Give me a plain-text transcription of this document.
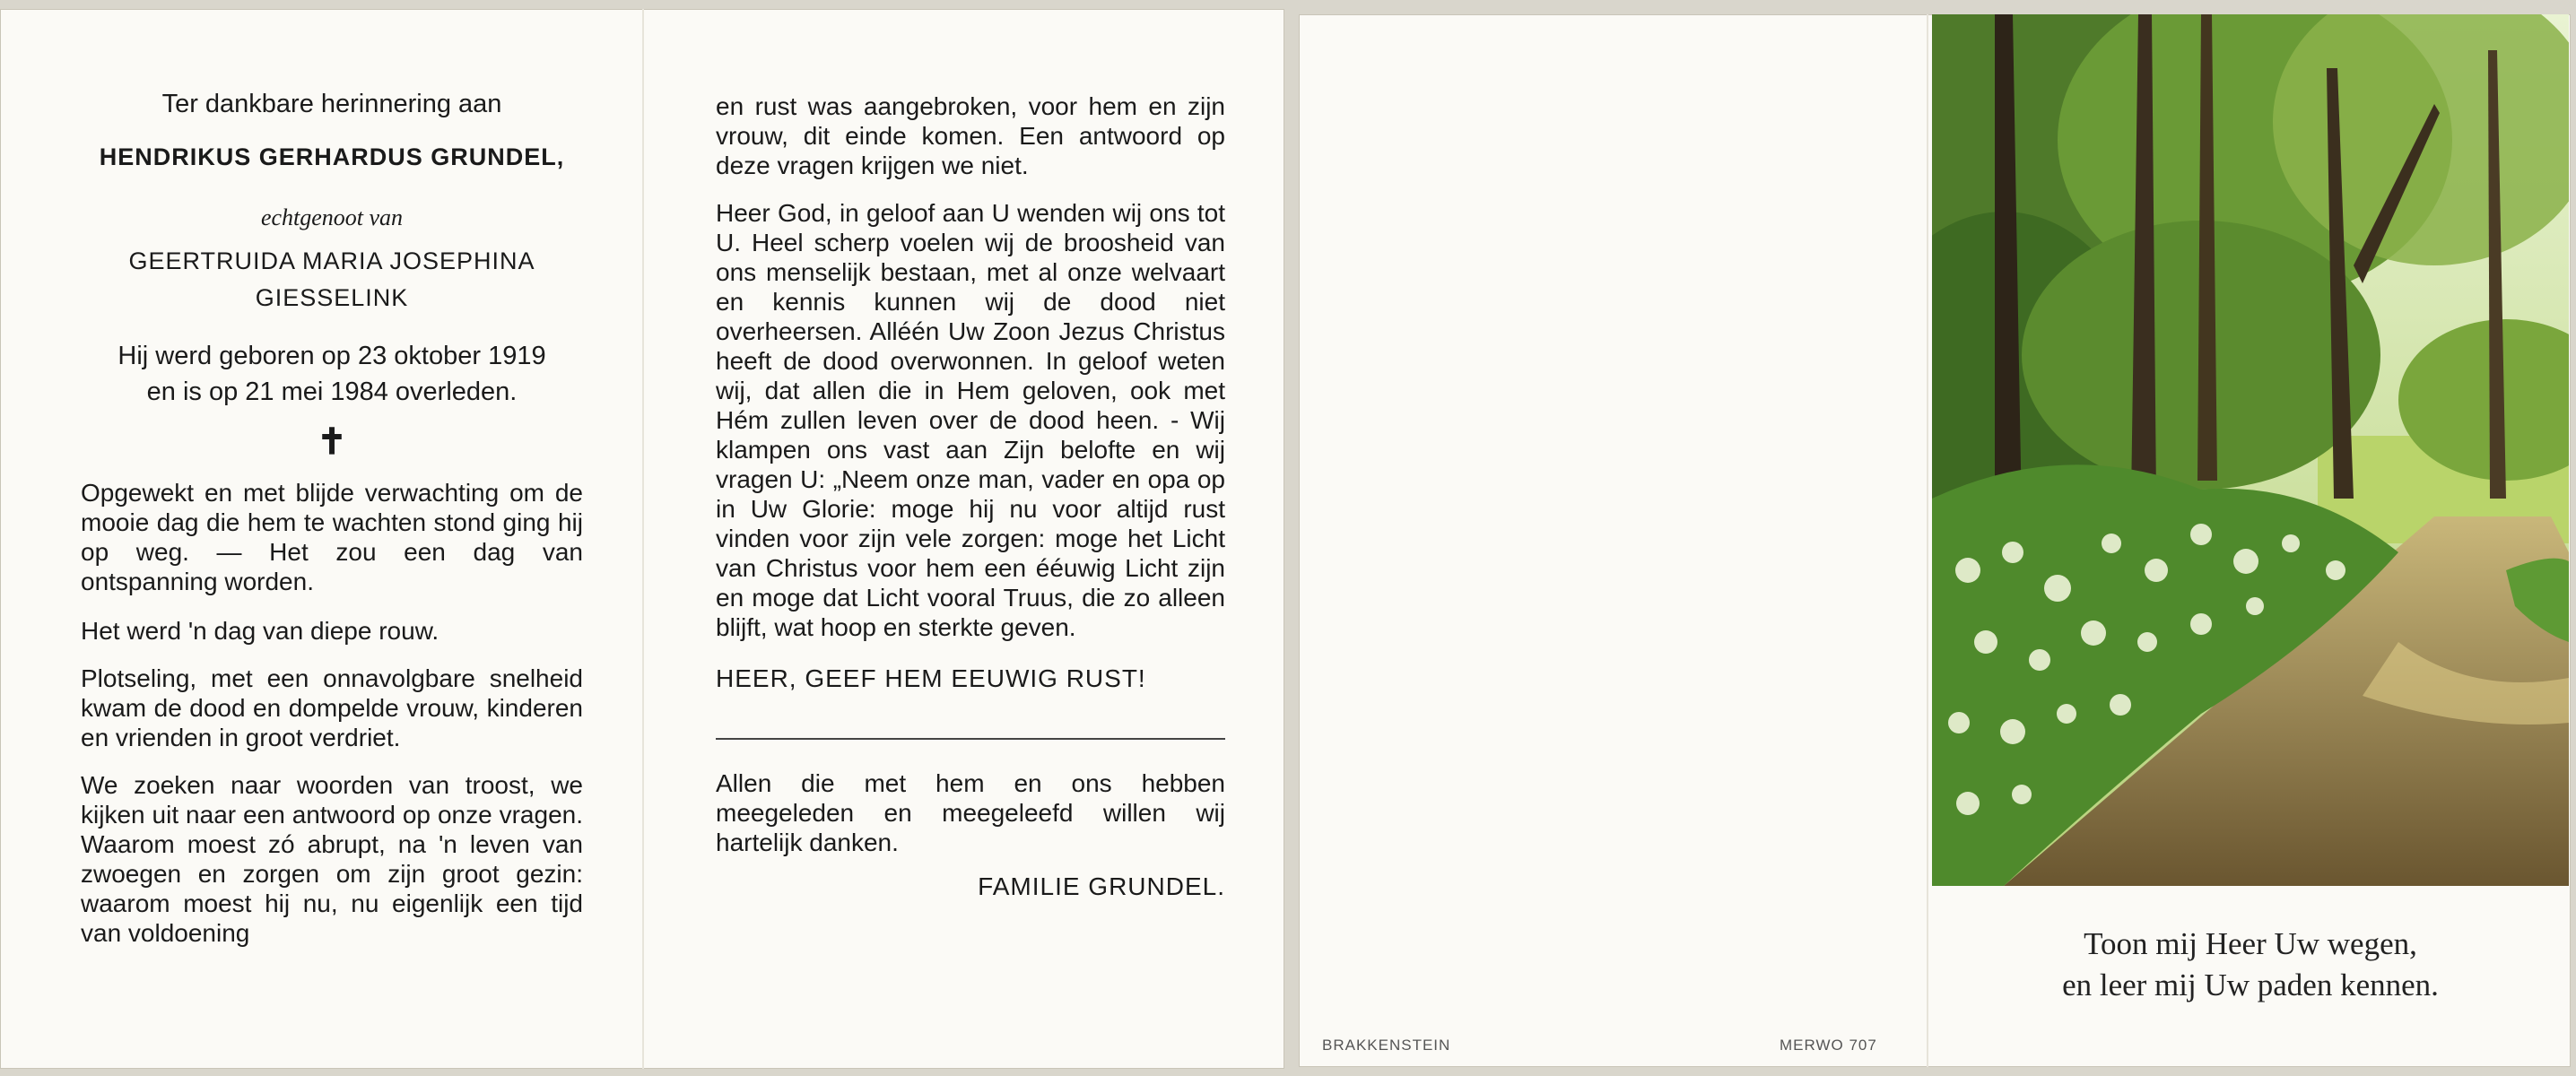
Ter dankbare herinnering aan

HENDRIKUS GERHARDUS GRUNDEL,

echtgenoot van

GEERTRUIDA MARIA JOSEPHINA

GIESSELINK

Hij werd geboren op 23 oktober 1919

en is op 21 mei 1984 overleden.

✝

Opgewekt en met blijde verwachting om de mooie dag die hem te wachten stond ging hij op weg. — Het zou een dag van ontspanning worden.

Het werd 'n dag van diepe rouw.

Plotseling, met een onnavolgbare snelheid kwam de dood en dompelde vrouw, kinderen en vrienden in groot verdriet.

We zoeken naar woorden van troost, we kijken uit naar een antwoord op onze vragen. Waarom moest zó abrupt, na 'n leven van zwoegen en zorgen om zijn groot gezin: waarom moest hij nu, nu eigenlijk een tijd van voldoening

en rust was aangebroken, voor hem en zijn vrouw, dit einde komen. Een antwoord op deze vragen krijgen we niet.

Heer God, in geloof aan U wenden wij ons tot U. Heel scherp voelen wij de broosheid van ons menselijk bestaan, met al onze welvaart en kennis kunnen wij de dood niet overheersen. Alléén Uw Zoon Jezus Christus heeft de dood overwonnen. In geloof weten wij, dat allen die in Hem geloven, ook met Hém zullen leven over de dood heen. - Wij klampen ons vast aan Zijn belofte en wij vragen U: „Neem onze man, vader en opa op in Uw Glorie: moge hij nu voor altijd rust vinden voor zijn vele zorgen: moge het Licht van Christus voor hem een ééuwig Licht zijn en moge dat Licht vooral Truus, die zo alleen blijft, wat hoop en sterkte geven.

HEER, GEEF HEM EEUWIG RUST!

Allen die met hem en ons hebben meegeleden en meegeleefd willen wij hartelijk danken.

FAMILIE GRUNDEL.

Toon mij Heer Uw wegen,
en leer mij Uw paden kennen.
BRAKKENSTEIN	MERWO 707
